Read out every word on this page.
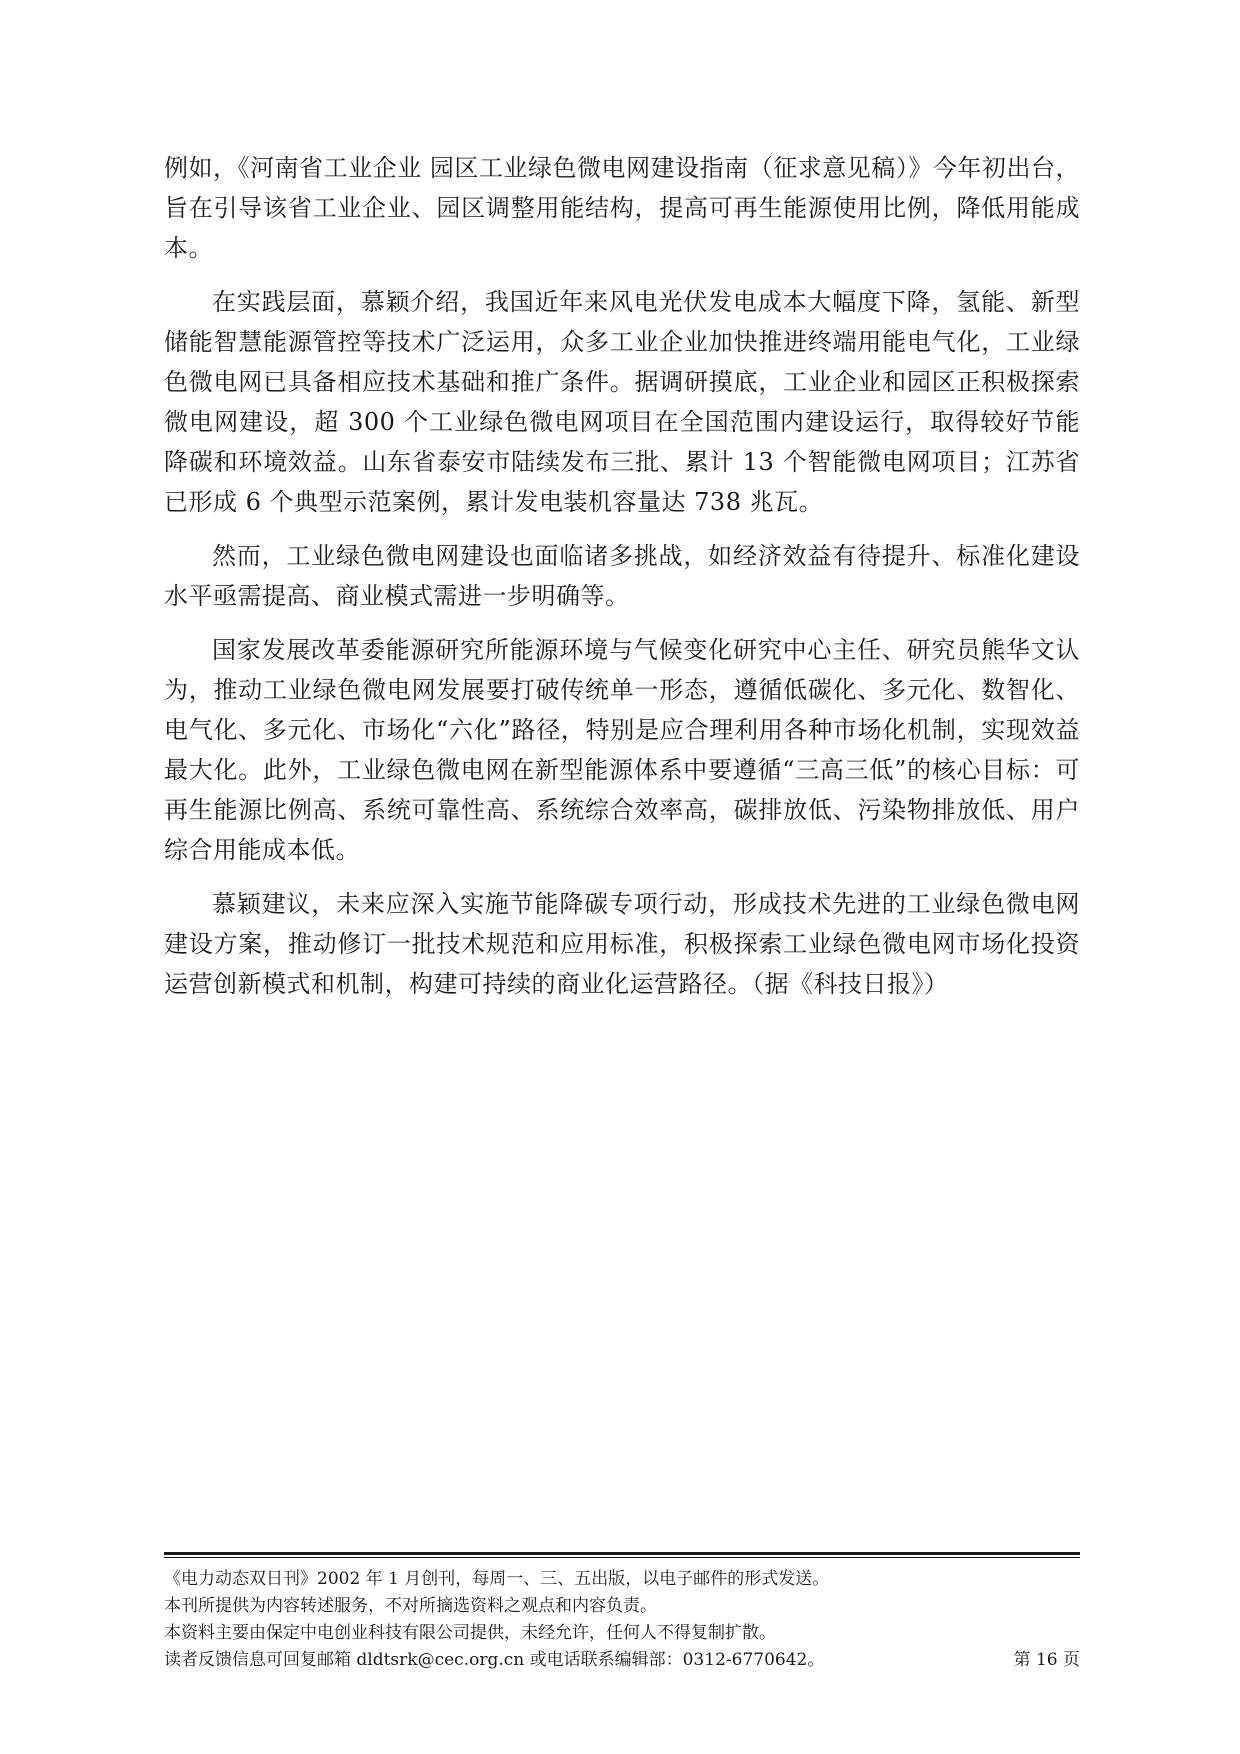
例如，《河南省工业企业 园区工业绿色微电网建设指南（征求意见稿）》今年初出台，旨在引导该省工业企业、园区调整用能结构，提高可再生能源使用比例，降低用能成本。

在实践层面，慕颖介绍，我国近年来风电光伏发电成本大幅度下降，氢能、新型储能智慧能源管控等技术广泛运用，众多工业企业加快推进终端用能电气化，工业绿色微电网已具备相应技术基础和推广条件。据调研摸底，工业企业和园区正积极探索微电网建设，超 300 个工业绿色微电网项目在全国范围内建设运行，取得较好节能降碳和环境效益。山东省泰安市陆续发布三批、累计 13 个智能微电网项目；江苏省已形成 6 个典型示范案例，累计发电装机容量达 738 兆瓦。

然而，工业绿色微电网建设也面临诸多挑战，如经济效益有待提升、标准化建设水平亟需提高、商业模式需进一步明确等。

国家发展改革委能源研究所能源环境与气候变化研究中心主任、研究员熊华文认为，推动工业绿色微电网发展要打破传统单一形态，遵循低碳化、多元化、数智化、电气化、多元化、市场化“六化”路径，特别是应合理利用各种市场化机制，实现效益最大化。此外，工业绿色微电网在新型能源体系中要遵循“三高三低”的核心目标：可再生能源比例高、系统可靠性高、系统综合效率高，碳排放低、污染物排放低、用户综合用能成本低。

慕颖建议，未来应深入实施节能降碳专项行动，形成技术先进的工业绿色微电网建设方案，推动修订一批技术规范和应用标准，积极探索工业绿色微电网市场化投资运营创新模式和机制，构建可持续的商业化运营路径。（据《科技日报》）

《电力动态双日刊》2002 年 1 月创刊，每周一、三、五出版，以电子邮件的形式发送。
本刊所提供为内容转述服务，不对所摘选资料之观点和内容负责。
本资料主要由保定中电创业科技有限公司提供，未经允许，任何人不得复制扩散。
读者反馈信息可回复邮箱 dldtsrk@cec.org.cn 或电话联系编辑部：0312-6770642。	第 16 页
